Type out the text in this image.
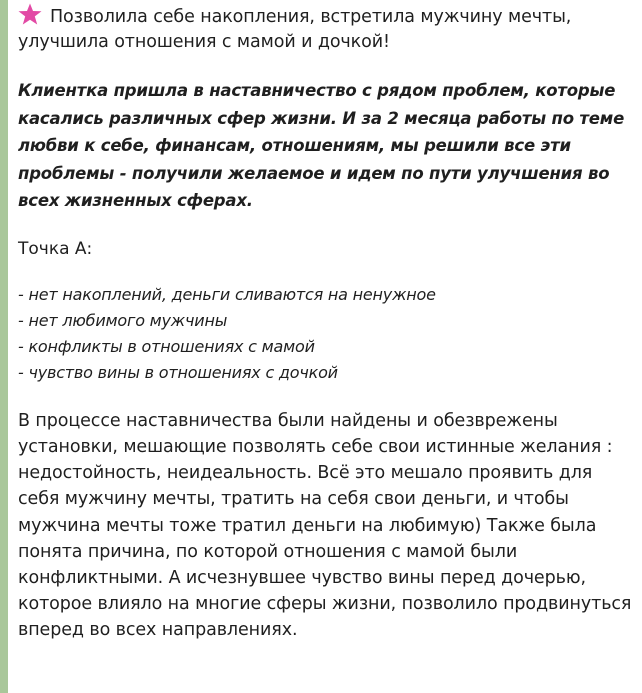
Позволила себе накопления, встретила мужчину мечты, улучшила отношения с мамой и дочкой!

Клиентка пришла в наставничество с рядом проблем, которые касались различных сфер жизни. И за 2 месяца работы по теме любви к себе, финансам, отношениям, мы решили все эти проблемы - получили желаемое и идем по пути улучшения во всех жизненных сферах.

Точка А:

- нет накоплений, деньги сливаются на ненужное
- нет любимого мужчины
- конфликты в отношениях с мамой
- чувство вины в отношениях с дочкой

В процессе наставничества были найдены и обезврежены установки, мешающие позволять себе свои истинные желания : недостойность, неидеальность. Всё это мешало проявить для себя мужчину мечты, тратить на себя свои деньги, и чтобы мужчина мечты тоже тратил деньги на любимую) Также была понята причина, по которой отношения с мамой были конфликтными. А исчезнувшее чувство вины перед дочерью, которое влияло на многие сферы жизни, позволило продвинуться вперед во всех направлениях.
